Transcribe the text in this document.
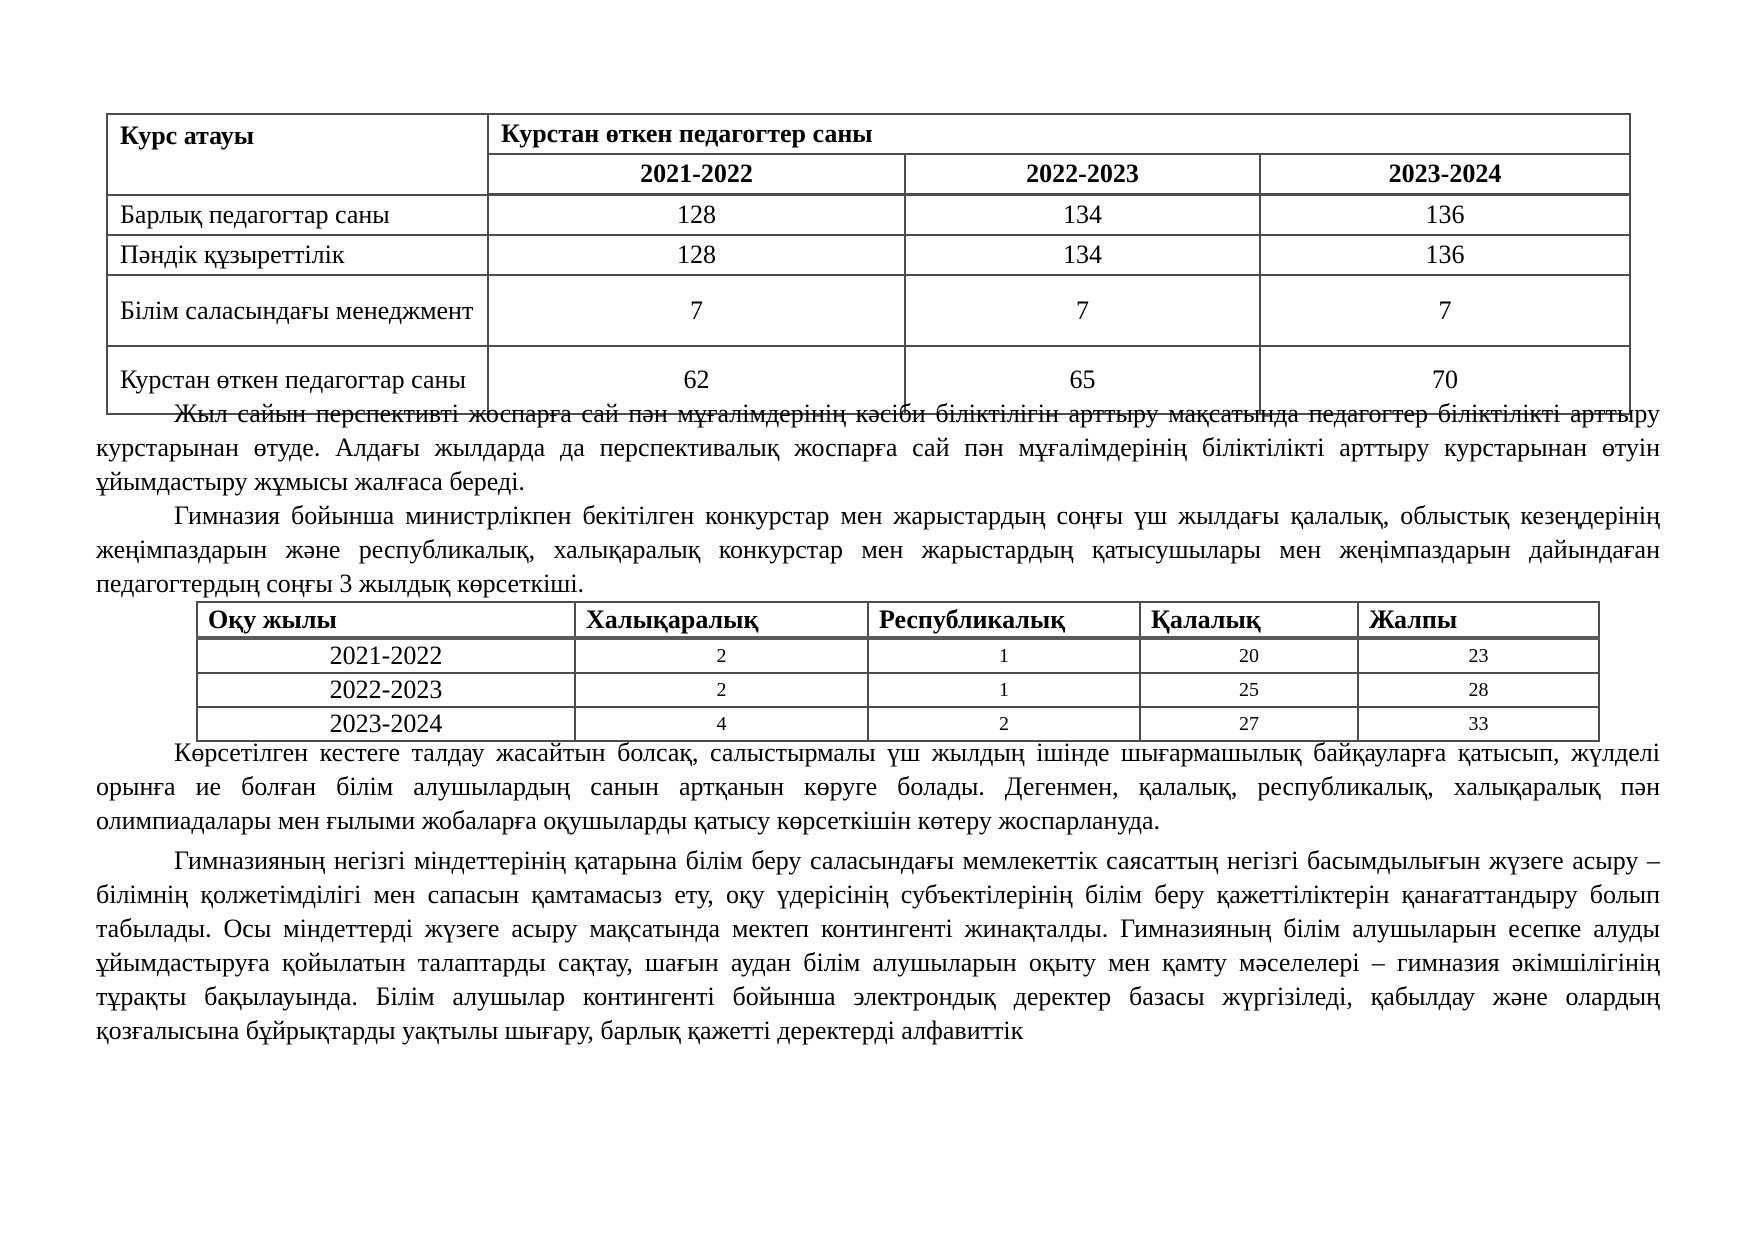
Курс атауы	Курстан өткен педагогтер саны		
	2021-2022	2022-2023	2023-2024
Барлық педагогтар саны	128	134	136
Пәндік құзыреттілік	128	134	136
Білім саласындағы менеджмент	7	7	7
Курстан өткен педагогтар саны	62	65	70

Жыл сайын перспективті жоспарға сай пән мұғалімдерінің кәсіби біліктілігін арттыру мақсатында педагогтер біліктілікті арттыру курстарынан өтуде. Алдағы жылдарда да перспективалық жоспарға сай пән мұғалімдерінің біліктілікті арттыру курстарынан өтуін ұйымдастыру жұмысы жалғаса береді.

Гимназия бойынша министрлікпен бекітілген конкурстар мен жарыстардың соңғы үш жылдағы қалалық, облыстық кезеңдерінің жеңімпаздарын және республикалық, халықаралық конкурстар мен жарыстардың қатысушылары мен жеңімпаздарын дайындаған педагогтердың соңғы 3 жылдық көрсеткіші.

Оқу жылы	Халықаралық	Республикалық	Қалалық	Жалпы
2021-2022	2	1	20	23
2022-2023	2	1	25	28
2023-2024	4	2	27	33

Көрсетілген кестеге талдау жасайтын болсақ, салыстырмалы үш жылдың ішінде шығармашылық байқауларға қатысып, жүлделі орынға ие болған білім алушылардың санын артқанын көруге болады. Дегенмен, қалалық, республикалық, халықаралық пән олимпиадалары мен ғылыми жобаларға оқушыларды қатысу көрсеткішін көтеру жоспарлануда.

Гимназияның негізгі міндеттерінің қатарына білім беру саласындағы мемлекеттік саясаттың негізгі басымдылығын жүзеге асыру – білімнің қолжетімділігі мен сапасын қамтамасыз ету, оқу үдерісінің субъектілерінің білім беру қажеттіліктерін қанағаттандыру болып табылады. Осы міндеттерді жүзеге асыру мақсатында мектеп контингенті жинақталды. Гимназияның білім алушыларын есепке алуды ұйымдастыруға қойылатын талаптарды сақтау, шағын аудан білім алушыларын оқыту мен қамту мәселелері – гимназия әкімшілігінің тұрақты бақылауында. Білім алушылар контингенті бойынша электрондық деректер базасы жүргізіледі, қабылдау және олардың қозғалысына бұйрықтарды уақтылы шығару, барлық қажетті деректерді алфавиттік
